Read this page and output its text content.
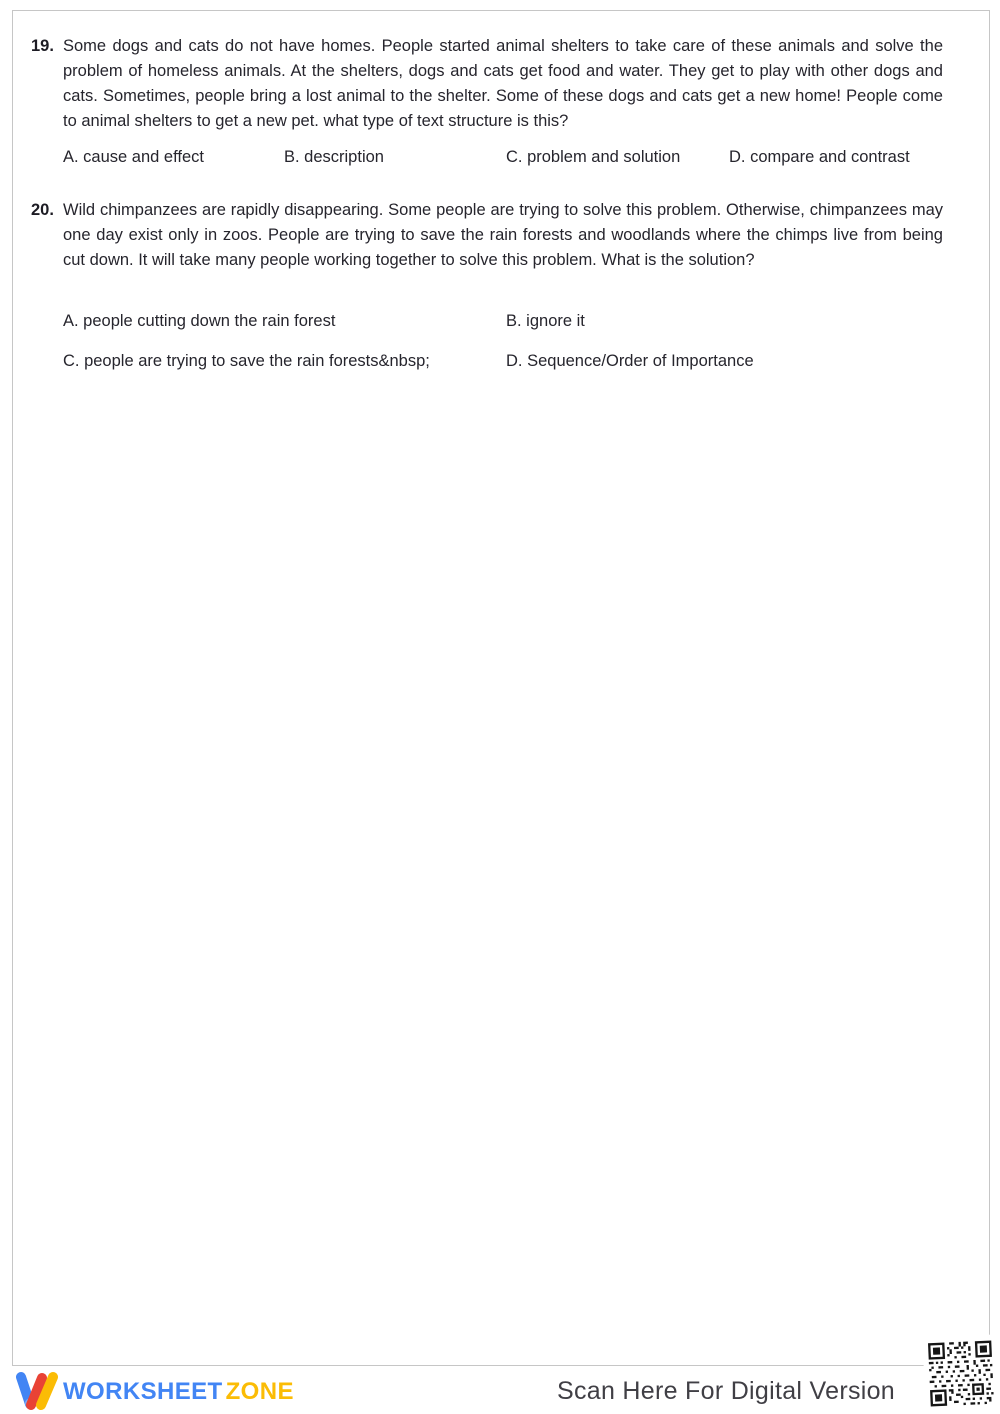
19. Some dogs and cats do not have homes. People started animal shelters to take care of these animals and solve the problem of homeless animals. At the shelters, dogs and cats get food and water. They get to play with other dogs and cats. Sometimes, people bring a lost animal to the shelter. Some of these dogs and cats get a new home! People come to animal shelters to get a new pet. what type of text structure is this?
A. cause and effect	B. description	C. problem and solution	D. compare and contrast
20. Wild chimpanzees are rapidly disappearing. Some people are trying to solve this problem. Otherwise, chimpanzees may one day exist only in zoos. People are trying to save the rain forests and woodlands where the chimps live from being cut down. It will take many people working together to solve this problem. What is the solution?
A. people cutting down the rain forest	B. ignore it
C. people are trying to save the rain forests&nbsp;	D. Sequence/Order of Importance
WORKSHEET ZONE	Scan Here For Digital Version
